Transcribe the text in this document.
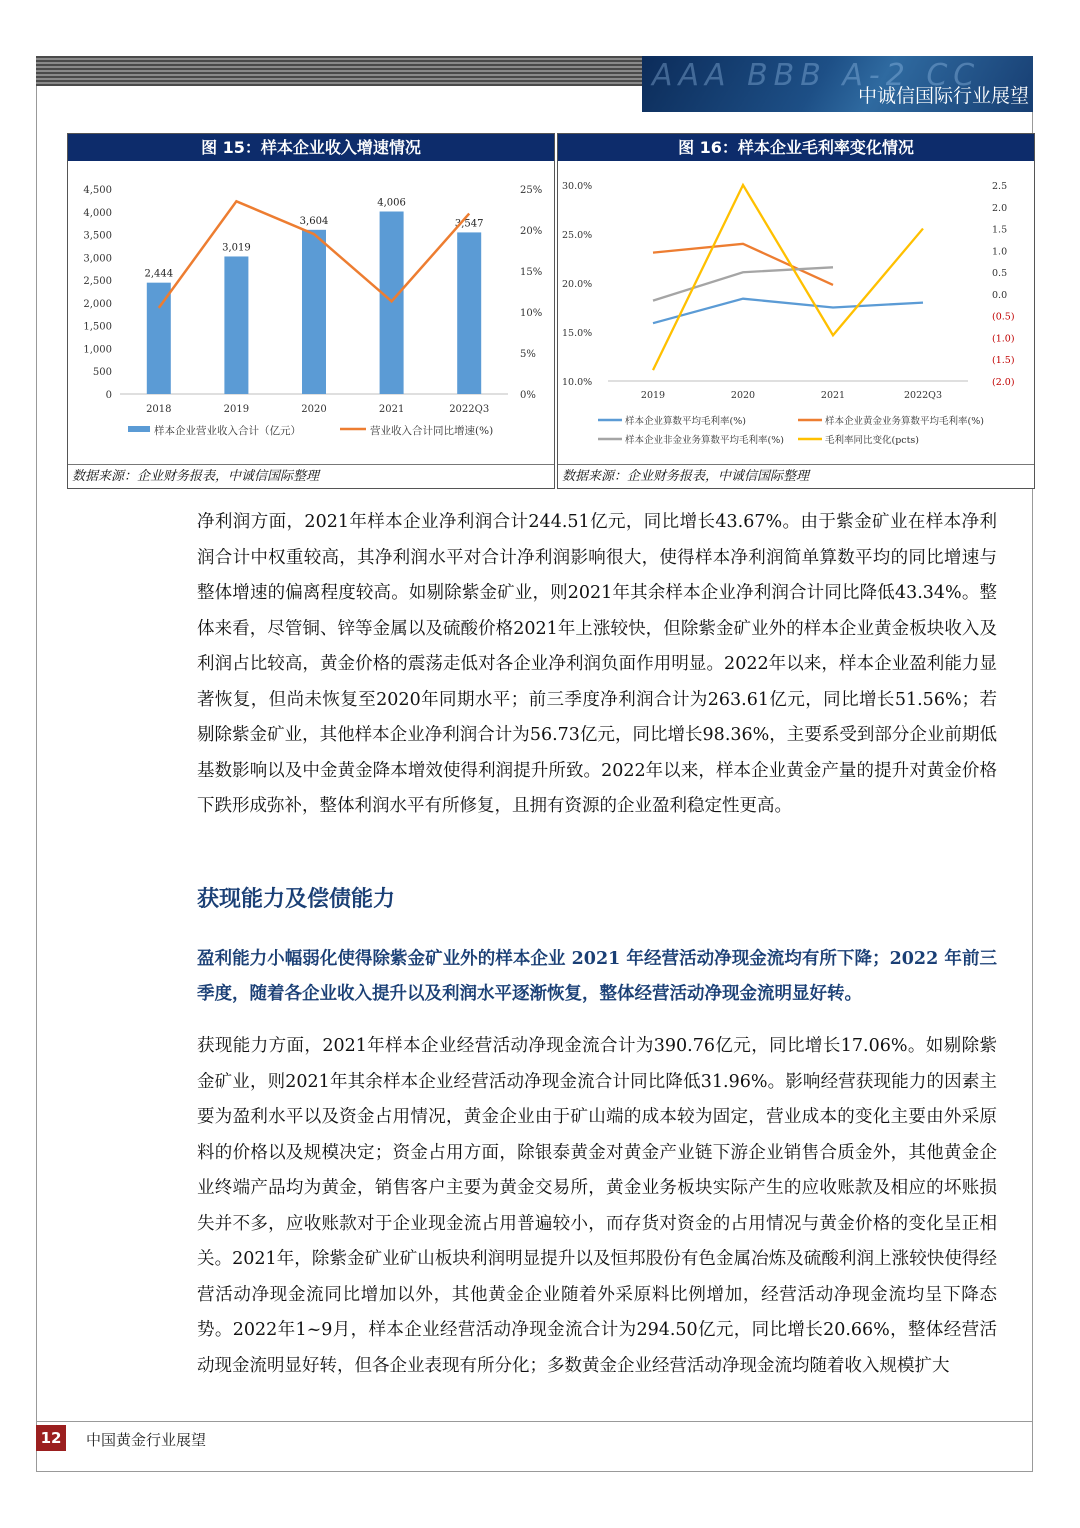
AAA BBB A-2 CC
中诚信国际行业展望
图 15：样本企业收入增速情况
0
500
1,000
1,500
2,000
2,500
3,000
3,500
4,000
4,500
0%
5%
10%
15%
20%
25%
2,444
3,019
3,604
4,006
3,547
2018	2019	2020	2021	2022Q3
样本企业营业收入合计（亿元）	营业收入合计同比增速(%)
数据来源：企业财务报表，中诚信国际整理
图 16：样本企业毛利率变化情况
10.0%
15.0%
20.0%
25.0%
30.0%	2.5
2.0
1.5
1.0
0.5
0.0
(0.5)
(1.0)
(1.5)
(2.0)
2019	2020	2021	2022Q3
样本企业算数平均毛利率(%)	样本企业黄金业务算数平均毛利率(%)
样本企业非金业务算数平均毛利率(%)	毛利率同比变化(pcts)
数据来源：企业财务报表，中诚信国际整理

净利润方面，2021年样本企业净利润合计244.51亿元，同比增长43.67%。由于紫金矿业在样本净利润合计中权重较高，其净利润水平对合计净利润影响很大，使得样本净利润简单算数平均的同比增速与整体增速的偏离程度较高。如剔除紫金矿业，则2021年其余样本企业净利润合计同比降低43.34%。整体来看，尽管铜、锌等金属以及硫酸价格2021年上涨较快，但除紫金矿业外的样本企业黄金板块收入及利润占比较高，黄金价格的震荡走低对各企业净利润负面作用明显。2022年以来，样本企业盈利能力显著恢复，但尚未恢复至2020年同期水平；前三季度净利润合计为263.61亿元，同比增长51.56%；若剔除紫金矿业，其他样本企业净利润合计为56.73亿元，同比增长98.36%，主要系受到部分企业前期低基数影响以及中金黄金降本增效使得利润提升所致。2022年以来，样本企业黄金产量的提升对黄金价格下跌形成弥补，整体利润水平有所修复，且拥有资源的企业盈利稳定性更高。

获现能力及偿债能力

盈利能力小幅弱化使得除紫金矿业外的样本企业 2021 年经营活动净现金流均有所下降；2022 年前三季度，随着各企业收入提升以及利润水平逐渐恢复，整体经营活动净现金流明显好转。

获现能力方面，2021年样本企业经营活动净现金流合计为390.76亿元，同比增长17.06%。如剔除紫金矿业，则2021年其余样本企业经营活动净现金流合计同比降低31.96%。影响经营获现能力的因素主要为盈利水平以及资金占用情况，黄金企业由于矿山端的成本较为固定，营业成本的变化主要由外采原料的价格以及规模决定；资金占用方面，除银泰黄金对黄金产业链下游企业销售合质金外，其他黄金企业终端产品均为黄金，销售客户主要为黄金交易所，黄金业务板块实际产生的应收账款及相应的坏账损失并不多，应收账款对于企业现金流占用普遍较小，而存货对资金的占用情况与黄金价格的变化呈正相关。2021年，除紫金矿业矿山板块利润明显提升以及恒邦股份有色金属冶炼及硫酸利润上涨较快使得经营活动净现金流同比增加以外，其他黄金企业随着外采原料比例增加，经营活动净现金流均呈下降态势。2022年1~9月，样本企业经营活动净现金流合计为294.50亿元，同比增长20.66%，整体经营活动现金流明显好转，但各企业表现有所分化；多数黄金企业经营活动净现金流均随着收入规模扩大

12	中国黄金行业展望
